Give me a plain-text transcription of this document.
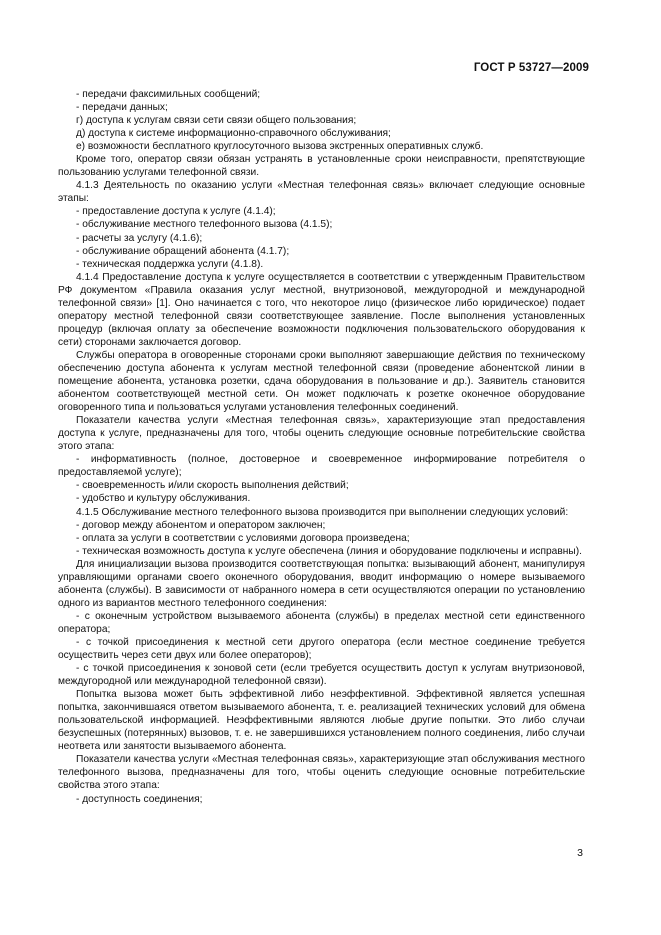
ГОСТ Р 53727—2009

- передачи факсимильных сообщений;

- передачи данных;

г) доступа к услугам связи сети связи общего пользования;

д) доступа к системе информационно-справочного обслуживания;

е) возможности бесплатного круглосуточного вызова экстренных оперативных служб.

Кроме того, оператор связи обязан устранять в установленные сроки неисправности, препятствующие пользованию услугами телефонной связи.

4.1.3 Деятельность по оказанию услуги «Местная телефонная связь» включает следующие основные этапы:

- предоставление доступа к услуге (4.1.4);

- обслуживание местного телефонного вызова (4.1.5);

- расчеты за услугу (4.1.6);

- обслуживание обращений абонента (4.1.7);

- техническая поддержка услуги (4.1.8).

4.1.4 Предоставление доступа к услуге осуществляется в соответствии с утвержденным Правительством РФ документом «Правила оказания услуг местной, внутризоновой, междугородной и международной телефонной связи» [1]. Оно начинается с того, что некоторое лицо (физическое либо юридическое) подает оператору местной телефонной связи соответствующее заявление. После выполнения установленных процедур (включая оплату за обеспечение возможности подключения пользовательского оборудования к сети) сторонами заключается договор.

Службы оператора в оговоренные сторонами сроки выполняют завершающие действия по техническому обеспечению доступа абонента к услугам местной телефонной связи (проведение абонентской линии в помещение абонента, установка розетки, сдача оборудования в пользование и др.). Заявитель становится абонентом соответствующей местной сети. Он может подключать к розетке оконечное оборудование оговоренного типа и пользоваться услугами установления телефонных соединений.

Показатели качества услуги «Местная телефонная связь», характеризующие этап предоставления доступа к услуге, предназначены для того, чтобы оценить следующие основные потребительские свойства этого этапа:

- информативность (полное, достоверное и своевременное информирование потребителя о предоставляемой услуге);

- своевременность и/или скорость выполнения действий;

- удобство и культуру обслуживания.

4.1.5 Обслуживание местного телефонного вызова производится при выполнении следующих условий:

- договор между абонентом и оператором заключен;

- оплата за услуги в соответствии с условиями договора произведена;

- техническая возможность доступа к услуге обеспечена (линия и оборудование подключены и исправны).

Для инициализации вызова производится соответствующая попытка: вызывающий абонент, манипулируя управляющими органами своего оконечного оборудования, вводит информацию о номере вызываемого абонента (службы). В зависимости от набранного номера в сети осуществляются операции по установлению одного из вариантов местного телефонного соединения:

- с оконечным устройством вызываемого абонента (службы) в пределах местной сети единственного оператора;

- с точкой присоединения к местной сети другого оператора (если местное соединение требуется осуществить через сети двух или более операторов);

- с точкой присоединения к зоновой сети (если требуется осуществить доступ к услугам внутризоновой, междугородной или международной телефонной связи).

Попытка вызова может быть эффективной либо неэффективной. Эффективной является успешная попытка, закончившаяся ответом вызываемого абонента, т. е. реализацией технических условий для обмена пользовательской информацией. Неэффективными являются любые другие попытки. Это либо случаи безуспешных (потерянных) вызовов, т. е. не завершившихся установлением полного соединения, либо случаи неответа или занятости вызываемого абонента.

Показатели качества услуги «Местная телефонная связь», характеризующие этап обслуживания местного телефонного вызова, предназначены для того, чтобы оценить следующие основные потребительские свойства этого этапа:

- доступность соединения;

3
